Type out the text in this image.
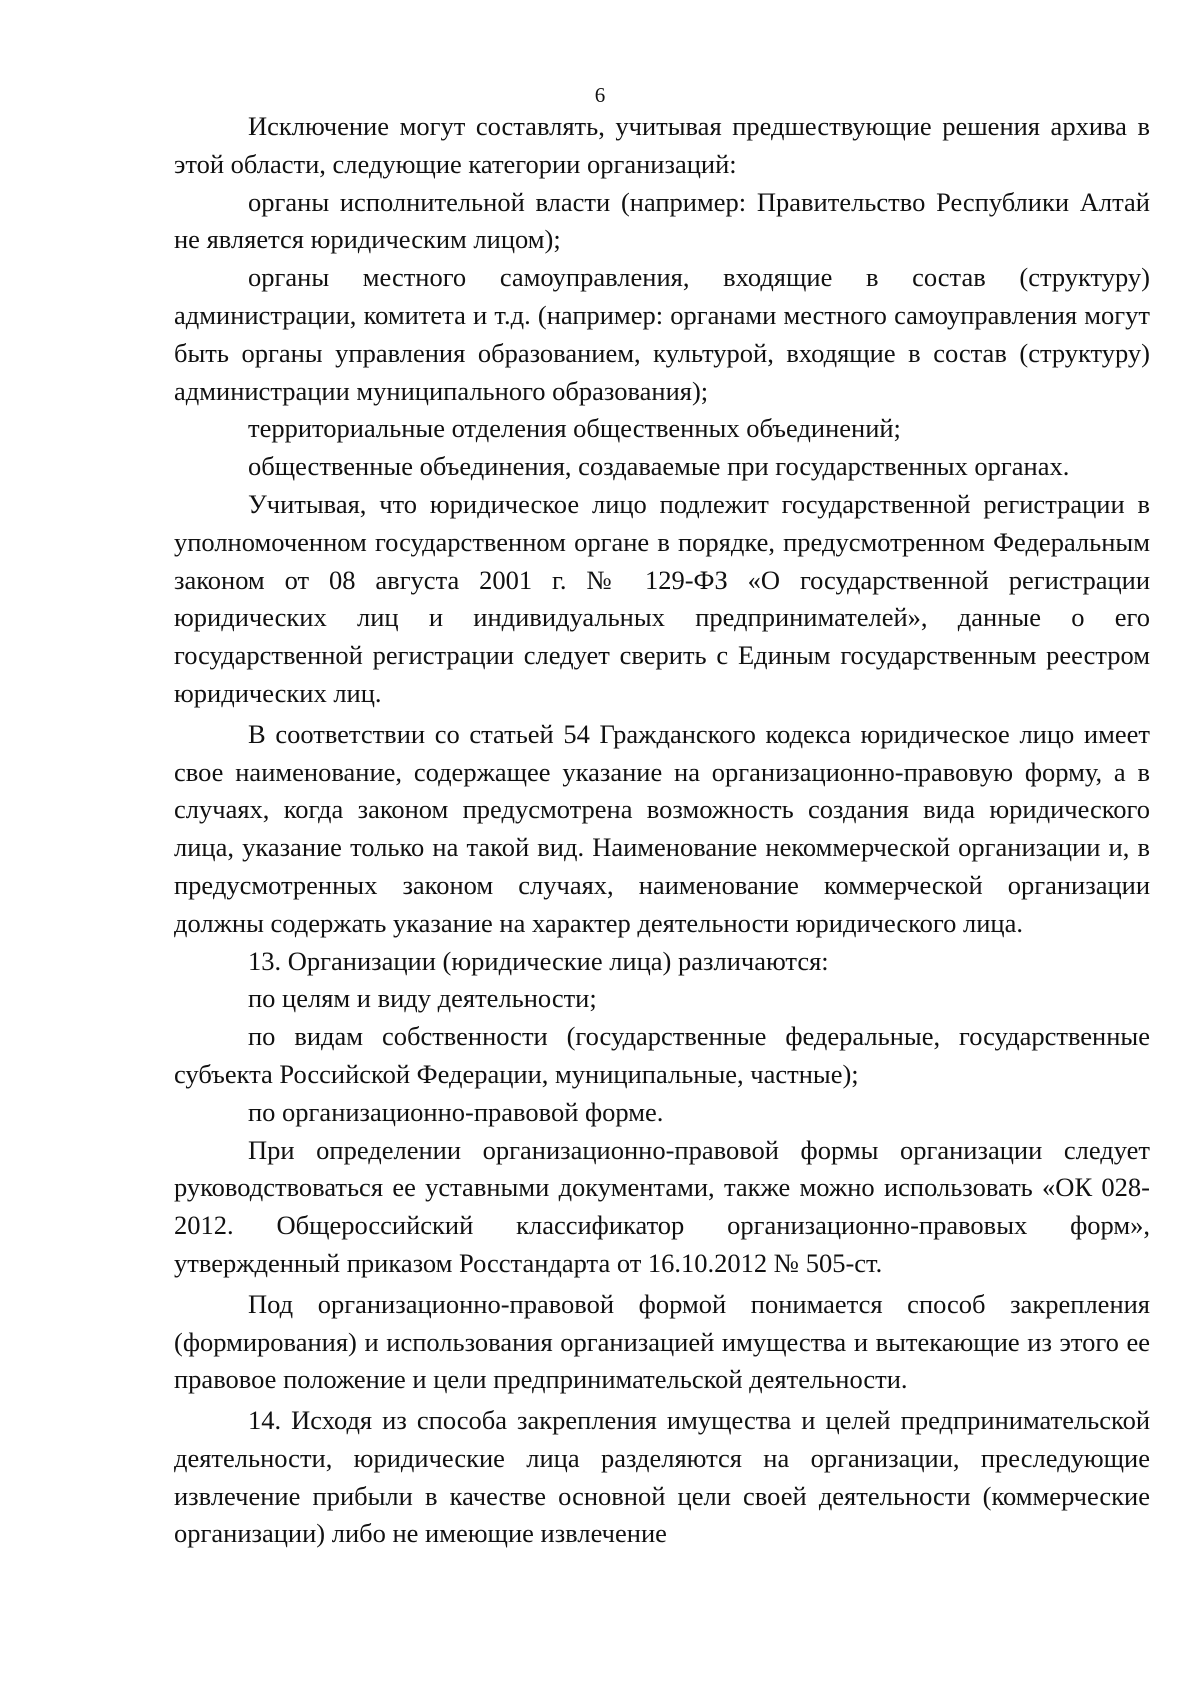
6

Исключение могут составлять, учитывая предшествующие решения архива в этой области, следующие категории организаций:

органы исполнительной власти (например: Правительство Республики Алтай не является юридическим лицом);

органы местного самоуправления, входящие в состав (структуру) администрации, комитета и т.д. (например: органами местного самоуправления могут быть органы управления образованием, культурой, входящие в состав (структуру) администрации муниципального образования);

территориальные отделения общественных объединений;

общественные объединения, создаваемые при государственных органах.

Учитывая, что юридическое лицо подлежит государственной регистрации в уполномоченном государственном органе в порядке, предусмотренном Федеральным законом от 08 августа 2001 г. № 129-ФЗ «О государственной регистрации юридических лиц и индивидуальных предпринимателей», данные о его государственной регистрации следует сверить с Единым государственным реестром юридических лиц.

В соответствии со статьей 54 Гражданского кодекса юридическое лицо имеет свое наименование, содержащее указание на организационно-правовую форму, а в случаях, когда законом предусмотрена возможность создания вида юридического лица, указание только на такой вид. Наименование некоммерческой организации и, в предусмотренных законом случаях, наименование коммерческой организации должны содержать указание на характер деятельности юридического лица.

13. Организации (юридические лица) различаются:

по целям и виду деятельности;

по видам собственности (государственные федеральные, государственные субъекта Российской Федерации, муниципальные, частные);

по организационно-правовой форме.

При определении организационно-правовой формы организации следует руководствоваться ее уставными документами, также можно использовать «ОК 028-2012. Общероссийский классификатор организационно-правовых форм», утвержденный приказом Росстандарта от 16.10.2012 № 505-ст.

Под организационно-правовой формой понимается способ закрепления (формирования) и использования организацией имущества и вытекающие из этого ее правовое положение и цели предпринимательской деятельности.

14. Исходя из способа закрепления имущества и целей предпринимательской деятельности, юридические лица разделяются на организации, преследующие извлечение прибыли в качестве основной цели своей деятельности (коммерческие организации) либо не имеющие извлечение
